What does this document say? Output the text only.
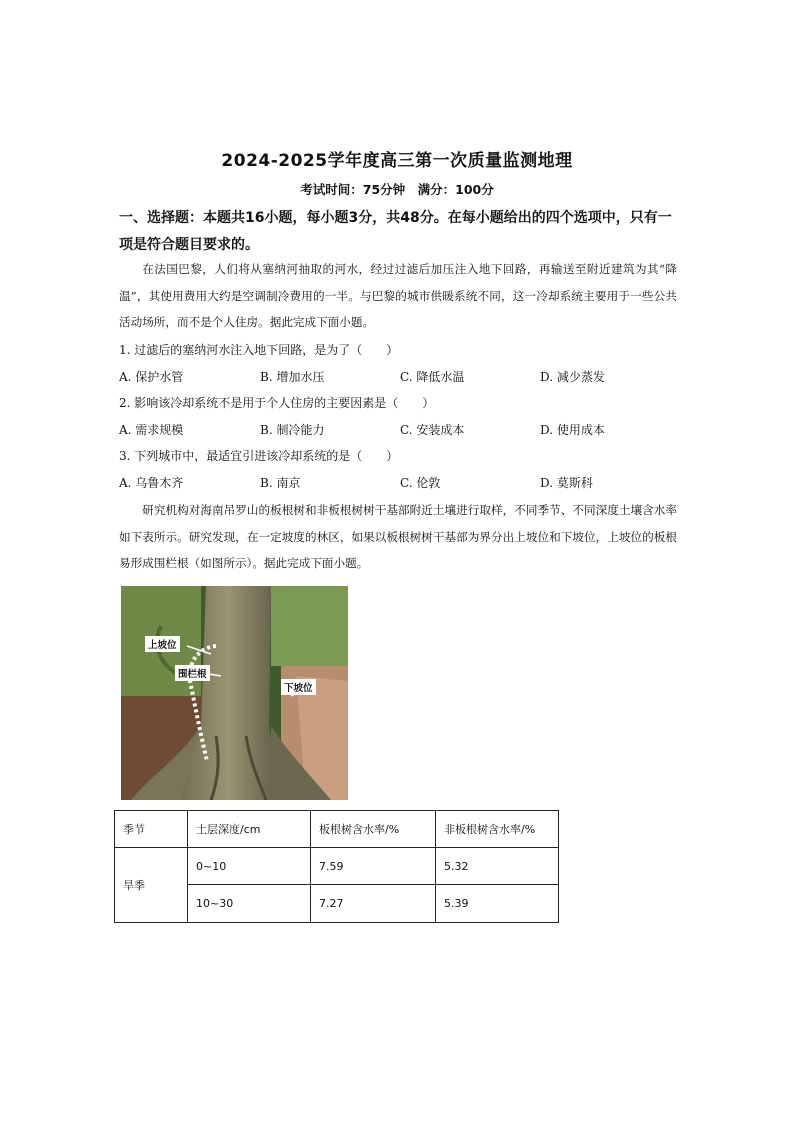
2024-2025学年度高三第一次质量监测地理
考试时间：75分钟　满分：100分
一、选择题：本题共16小题，每小题3分，共48分。在每小题给出的四个选项中，只有一项是符合题目要求的。
在法国巴黎，人们将从塞纳河抽取的河水，经过过滤后加压注入地下回路，再输送至附近建筑为其“降温”，其使用费用大约是空调制冷费用的一半。与巴黎的城市供暖系统不同，这一冷却系统主要用于一些公共活动场所，而不是个人住房。据此完成下面小题。
1. 过滤后的塞纳河水注入地下回路，是为了（　　）
A. 保护水管	B. 增加水压	C. 降低水温	D. 减少蒸发
2. 影响该冷却系统不是用于个人住房的主要因素是（　　）
A. 需求规模	B. 制冷能力	C. 安装成本	D. 使用成本
3. 下列城市中，最适宜引进该冷却系统的是（　　）
A. 乌鲁木齐	B. 南京	C. 伦敦	D. 莫斯科
研究机构对海南吊罗山的板根树和非板根树树干基部附近土壤进行取样，不同季节、不同深度土壤含水率如下表所示。研究发现，在一定坡度的林区，如果以板根树树干基部为界分出上坡位和下坡位，上坡位的板根易形成围栏根（如图所示）。据此完成下面小题。
上坡位
围栏根
下坡位
季节	土层深度/cm	板根树含水率/%	非板根树含水率/%
旱季	0~10	7.59	5.32
	10~30	7.27	5.39
